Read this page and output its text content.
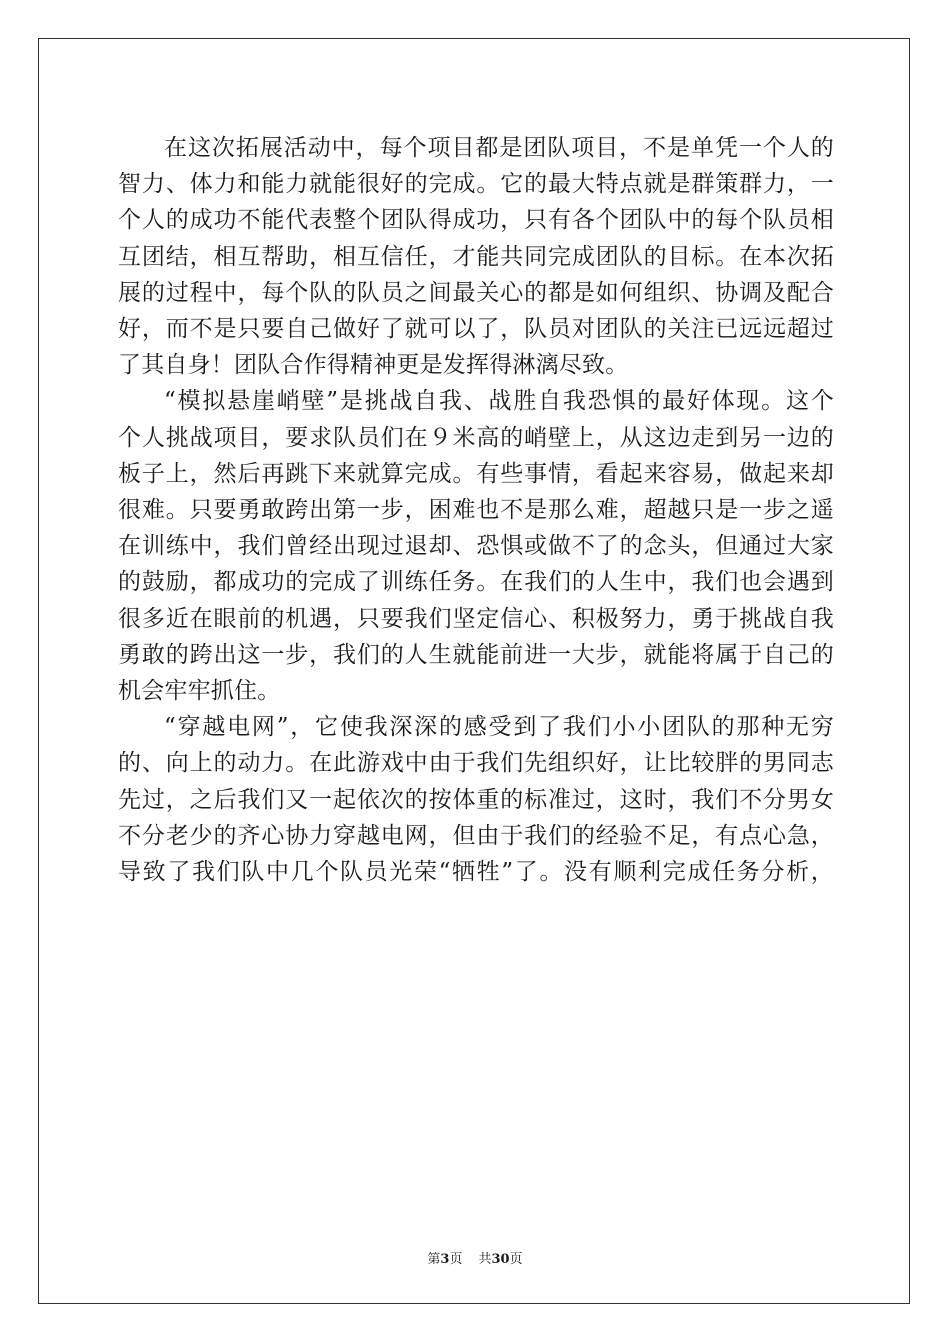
在这次拓展活动中，每个项目都是团队项目，不是单凭一个人的
智力、体力和能力就能很好的完成。它的最大特点就是群策群力，一
个人的成功不能代表整个团队得成功，只有各个团队中的每个队员相
互团结，相互帮助，相互信任，才能共同完成团队的目标。在本次拓
展的过程中，每个队的队员之间最关心的都是如何组织、协调及配合
好，而不是只要自己做好了就可以了，队员对团队的关注已远远超过
了其自身！团队合作得精神更是发挥得淋漓尽致。
“模拟悬崖峭壁”是挑战自我、战胜自我恐惧的最好体现。这个
个人挑战项目，要求队员们在９米高的峭壁上，从这边走到另一边的
板子上，然后再跳下来就算完成。有些事情，看起来容易，做起来却
很难。只要勇敢跨出第一步，困难也不是那么难，超越只是一步之遥
在训练中，我们曾经出现过退却、恐惧或做不了的念头，但通过大家
的鼓励，都成功的完成了训练任务。在我们的人生中，我们也会遇到
很多近在眼前的机遇，只要我们坚定信心、积极努力，勇于挑战自我
勇敢的跨出这一步，我们的人生就能前进一大步，就能将属于自己的
机会牢牢抓住。
“穿越电网”，它使我深深的感受到了我们小小团队的那种无穷
的、向上的动力。在此游戏中由于我们先组织好，让比较胖的男同志
先过，之后我们又一起依次的按体重的标准过，这时，我们不分男女
不分老少的齐心协力穿越电网，但由于我们的经验不足，有点心急，
导致了我们队中几个队员光荣“牺牲”了。没有顺利完成任务分析，
第3页 共30页
